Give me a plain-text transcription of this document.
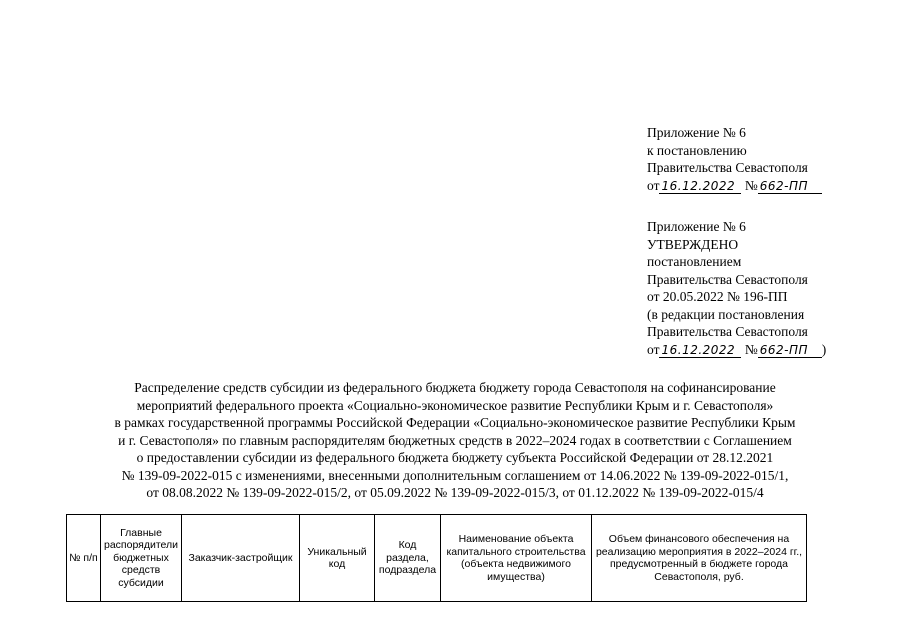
Приложение № 6
к постановлению
Правительства Севастополя
от 16.12.2022 № 662-ПП
Приложение № 6
УТВЕРЖДЕНО
постановлением
Правительства Севастополя
от 20.05.2022 № 196-ПП
(в редакции постановления
Правительства Севастополя
от 16.12.2022 № 662-ПП )
Распределение средств субсидии из федерального бюджета бюджету города Севастополя на софинансирование
мероприятий федерального проекта «Социально-экономическое развитие Республики Крым и г. Севастополя»
в рамках государственной программы Российской Федерации «Социально-экономическое развитие Республики Крым
и г. Севастополя» по главным распорядителям бюджетных средств в 2022–2024 годах в соответствии с Соглашением
о предоставлении субсидии из федерального бюджета бюджету субъекта Российской Федерации от 28.12.2021
№ 139-09-2022-015 с изменениями, внесенными дополнительным соглашением от 14.06.2022 № 139-09-2022-015/1,
от 08.08.2022 № 139-09-2022-015/2, от 05.09.2022 № 139-09-2022-015/3, от 01.12.2022 № 139-09-2022-015/4
№ п/п	Главные распорядители бюджетных средств субсидии	Заказчик-застройщик	Уникальный код	Код раздела, подраздела	Наименование объекта капитального строительства (объекта недвижимого имущества)	Объем финансового обеспечения на реализацию мероприятия в 2022–2024 гг., предусмотренный в бюджете города Севастополя, руб.
